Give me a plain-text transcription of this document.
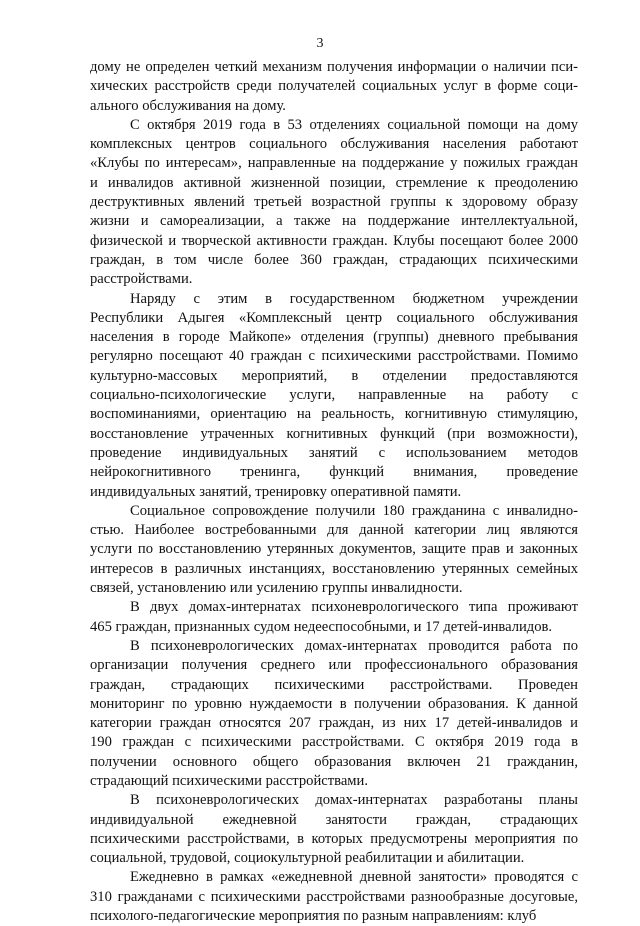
3
дому не определен четкий механизм получения информации о наличии пси-
хических расстройств среди получателей социальных услуг в форме соци-
ального обслуживания на дому.
С октября 2019 года в 53 отделениях социальной помощи на дому
комплексных центров социального обслуживания населения работают
«Клубы по интересам», направленные на поддержание у пожилых граждан
и инвалидов активной жизненной позиции, стремление к преодолению
деструктивных явлений третьей возрастной группы к здоровому образу
жизни и самореализации, а также на поддержание интеллектуальной,
физической и творческой активности граждан. Клубы посещают более 2000
граждан, в том числе более 360 граждан, страдающих психическими
расстройствами.
Наряду с этим в государственном бюджетном учреждении
Республики Адыгея «Комплексный центр социального обслуживания
населения в городе Майкопе» отделения (группы) дневного пребывания
регулярно посещают 40 граждан с психическими расстройствами. Помимо
культурно-массовых мероприятий, в отделении предоставляются
социально-психологические услуги, направленные на работу с
воспоминаниями, ориентацию на реальность, когнитивную стимуляцию,
восстановление утраченных когнитивных функций (при возможности),
проведение индивидуальных занятий с использованием методов
нейрокогнитивного тренинга, функций внимания, проведение
индивидуальных занятий, тренировку оперативной памяти.
Социальное сопровождение получили 180 гражданина с инвалидно-
стью. Наиболее востребованными для данной категории лиц являются
услуги по восстановлению утерянных документов, защите прав и законных
интересов в различных инстанциях, восстановлению утерянных семейных
связей, установлению или усилению группы инвалидности.
В двух домах-интернатах психоневрологического типа проживают
465 граждан, признанных судом недееспособными, и 17 детей-инвалидов.
В психоневрологических домах-интернатах проводится работа по
организации получения среднего или профессионального образования
граждан, страдающих психическими расстройствами. Проведен
мониторинг по уровню нуждаемости в получении образования. К данной
категории граждан относятся 207 граждан, из них 17 детей-инвалидов и
190 граждан с психическими расстройствами. С октября 2019 года в
получении основного общего образования включен 21 гражданин,
страдающий психическими расстройствами.
В психоневрологических домах-интернатах разработаны планы
индивидуальной ежедневной занятости граждан, страдающих
психическими расстройствами, в которых предусмотрены мероприятия по
социальной, трудовой, социокультурной реабилитации и абилитации.
Ежедневно в рамках «ежедневной дневной занятости» проводятся с
310 гражданами с психическими расстройствами разнообразные досуговые,
психолого-педагогические мероприятия по разным направлениям: клуб
